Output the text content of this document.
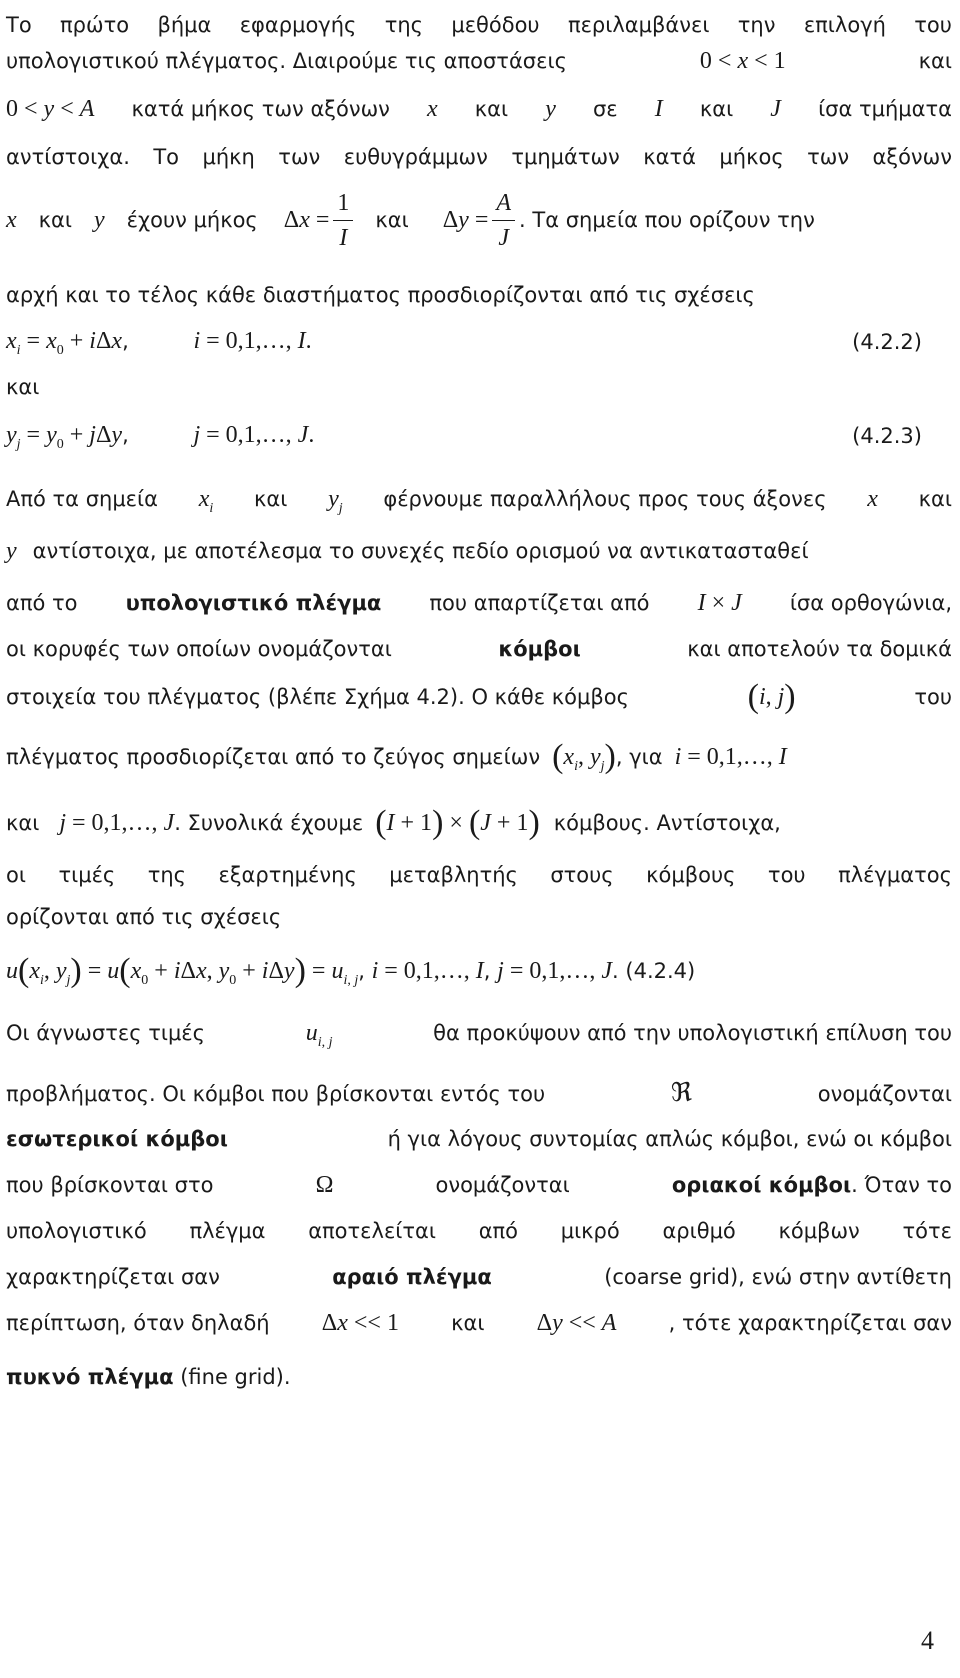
Το πρώτο βήμα εφαρμογής της μεθόδου περιλαμβάνει την επιλογή του
υπολογιστικού πλέγματος. Διαιρούμε τις αποστάσεις	0 < x < 1	και
0 < y < A κατά μήκος των αξόνων x και y σε I και J ίσα τμήματα
αντίστοιχα. Το μήκη των ευθυγράμμων τμημάτων κατά μήκος των αξόνων
x και y έχουν μήκος $\Delta x = \frac{1}{I}$ και $\Delta y = \frac{A}{J}$ . Τα σημεία που ορίζουν την
αρχή και το τέλος κάθε διαστήματος προσδιορίζονται από τις σχέσεις
$x_i = x_0 + i\Delta x$,	i = 0,1,…, I.	(4.2.2)
και
$y_j = y_0 + j\Delta y$,	j = 0,1,…, J.	(4.2.3)
Από τα σημεία $x_i$ και $y_j$ φέρνουμε παραλλήλους προς τους άξονες x και
y αντίστοιχα, με αποτέλεσμα το συνεχές πεδίο ορισμού να αντικατασταθεί
από το υπολογιστικό πλέγμα που απαρτίζεται από I × J ίσα ορθογώνια,
οι κορυφές των οποίων ονομάζονται	κόμβοι	και αποτελούν τα δομικά
στοιχεία του πλέγματος (βλέπε Σχήμα 4.2). Ο κάθε κόμβος	(i, j)	του
πλέγματος προσδιορίζεται από το ζεύγος σημείων ($x_i$, $y_j$) , για i = 0,1,…, I
και j = 0,1,…, J . Συνολικά έχουμε (I + 1) × (J + 1) κόμβους. Αντίστοιχα,
οι τιμές της εξαρτημένης μεταβλητής στους κόμβους του πλέγματος
ορίζονται από τις σχέσεις
$u(x_i$, $y_j) = u(x_0 + i\Delta x$, $y_0 + i\Delta y) = u_{i, j}$ , i = 0,1,…, I , j = 0,1,…, J . (4.2.4)
Οι άγνωστες τιμές	$u_{i, j}$	θα προκύψουν από την υπολογιστική επίλυση του
προβλήματος. Οι κόμβοι που βρίσκονται εντός του	ℜ	ονομάζονται
εσωτερικοί κόμβοι	ή για λόγους συντομίας απλώς κόμβοι, ενώ οι κόμβοι
που βρίσκονται στο	Ω	ονομάζονται	οριακοί κόμβοι. Όταν το
υπολογιστικό πλέγμα αποτελείται από μικρό αριθμό κόμβων τότε
χαρακτηρίζεται σαν	αραιό πλέγμα	(coarse grid), ενώ στην αντίθετη
περίπτωση, όταν δηλαδή Δx << 1 και Δy << A , τότε χαρακτηρίζεται σαν
πυκνό πλέγμα (fine grid).
4
